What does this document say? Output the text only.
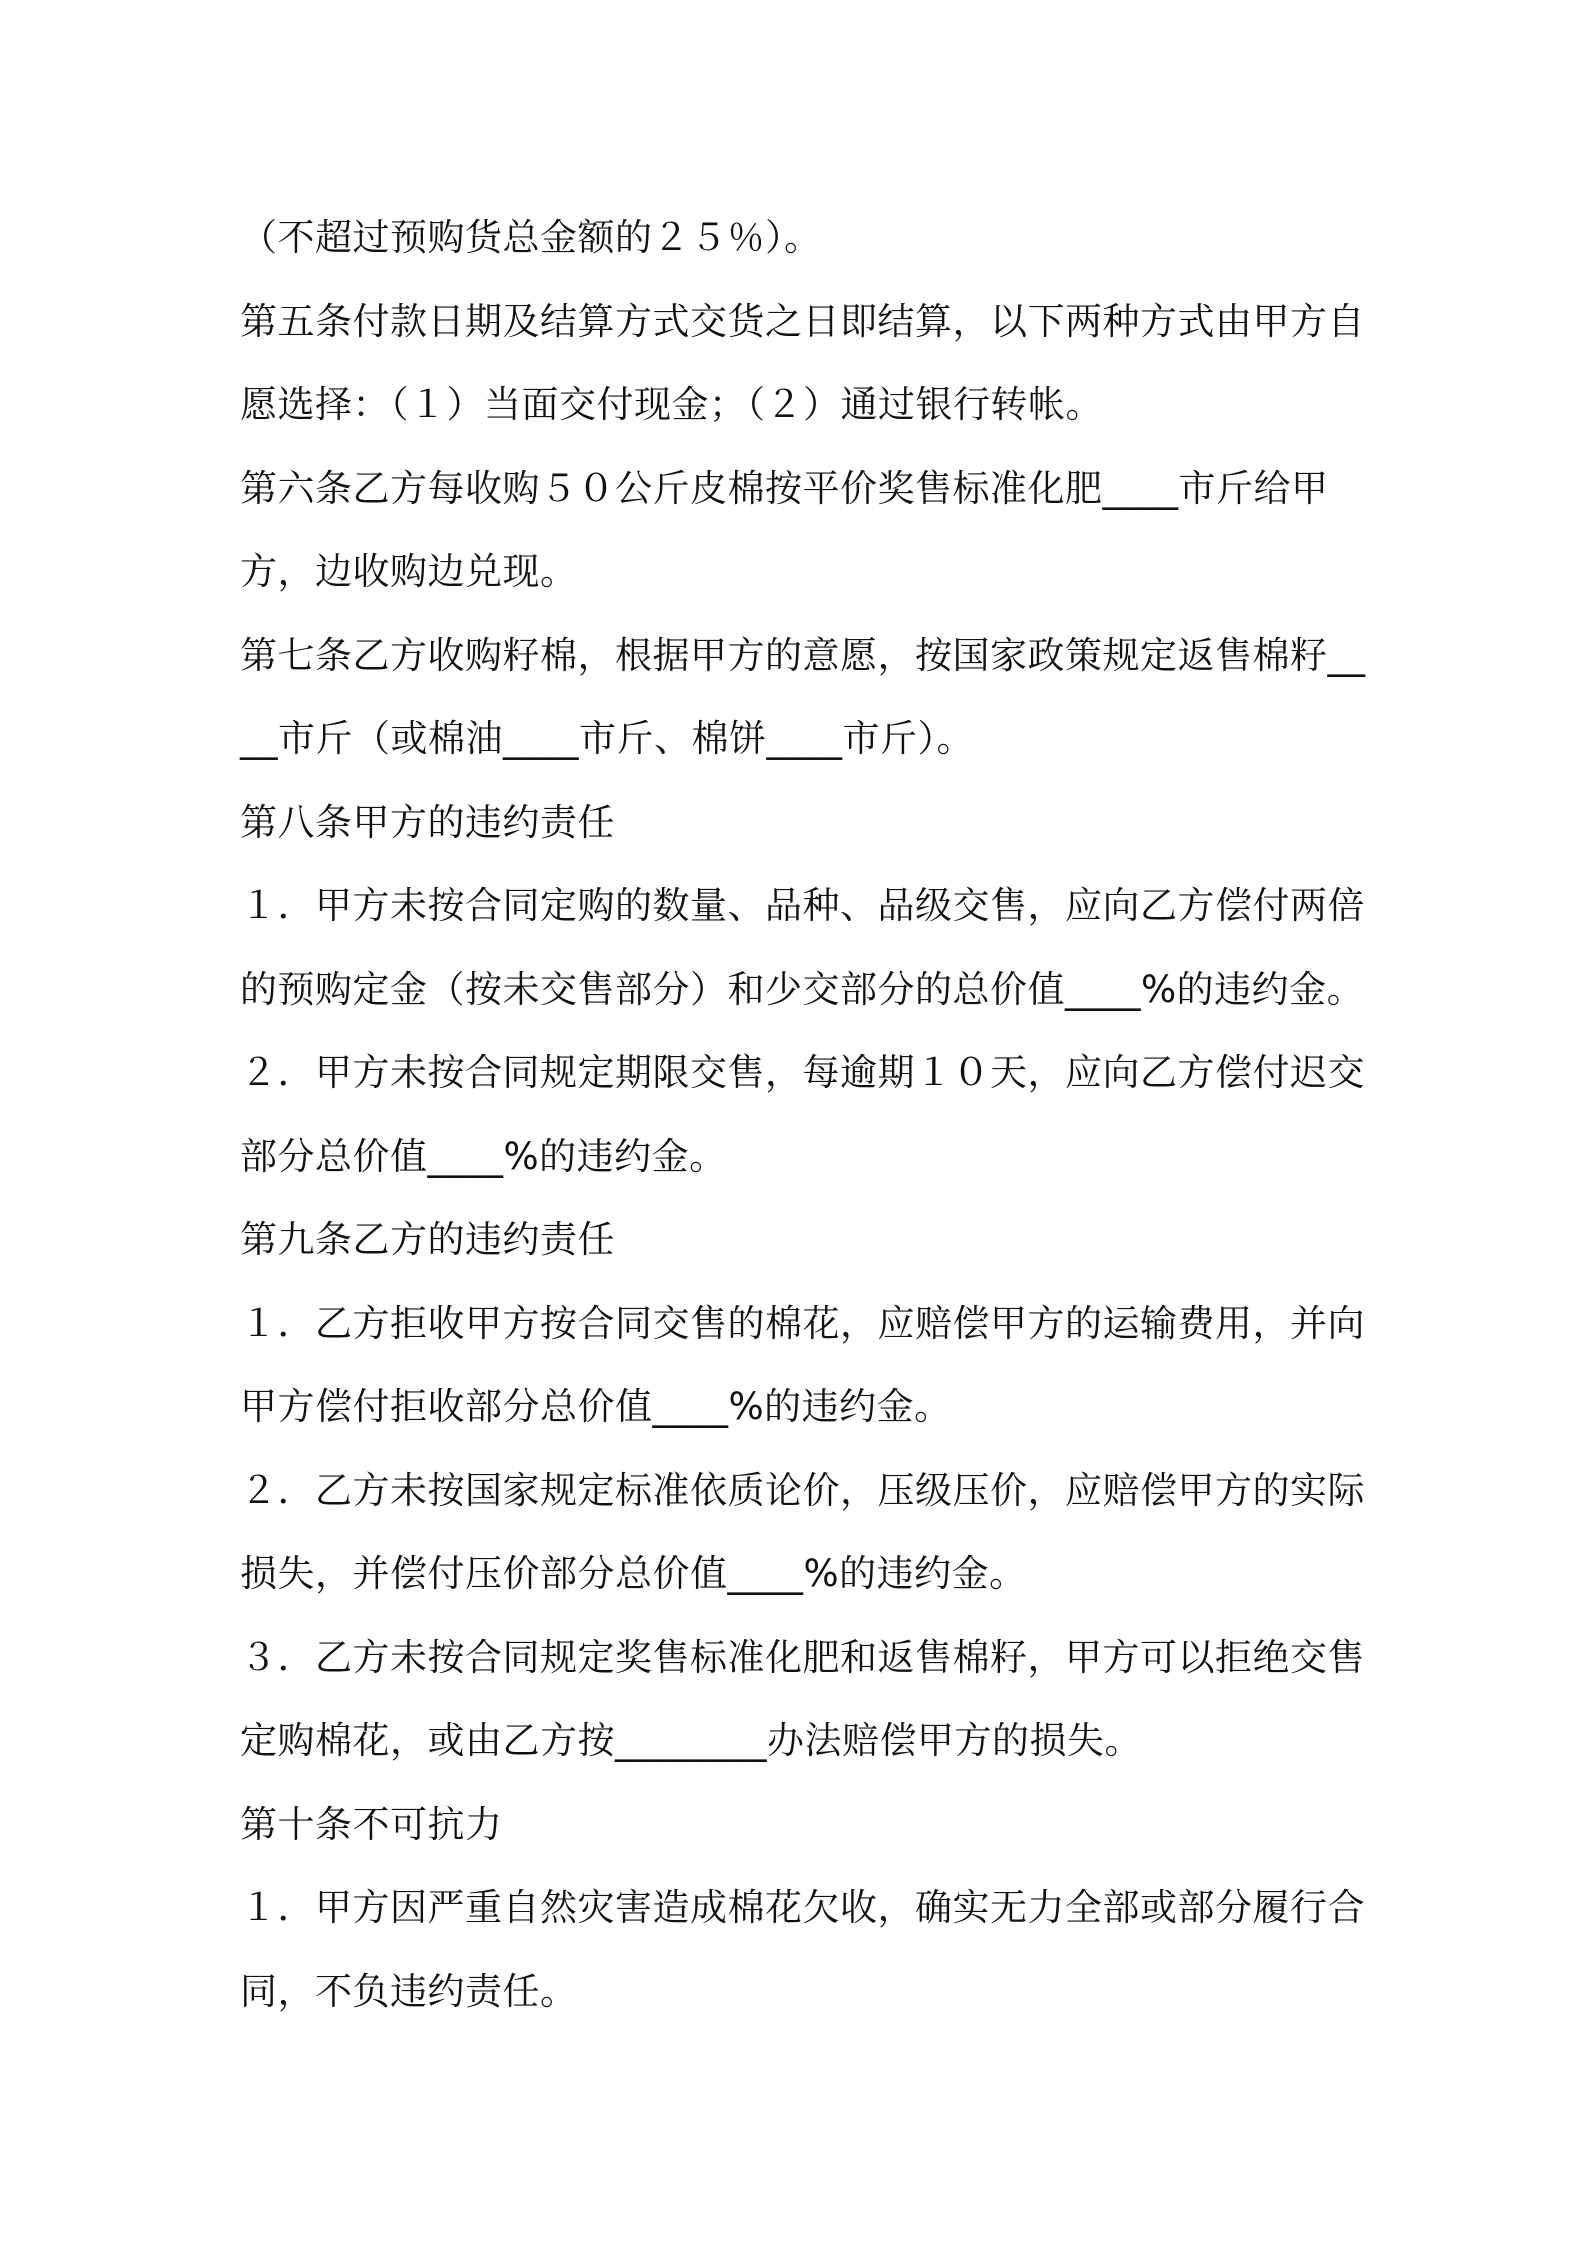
（不超过预购货总金额的２５％）。
第五条付款日期及结算方式交货之日即结算，以下两种方式由甲方自
愿选择：（１）当面交付现金；（２）通过银行转帐。
第六条乙方每收购５０公斤皮棉按平价奖售标准化肥____市斤给甲
方，边收购边兑现。
第七条乙方收购籽棉，根据甲方的意愿，按国家政策规定返售棉籽__
__市斤（或棉油____市斤、棉饼____市斤）。
第八条甲方的违约责任
１．甲方未按合同定购的数量、品种、品级交售，应向乙方偿付两倍
的预购定金（按未交售部分）和少交部分的总价值____%的违约金。
２．甲方未按合同规定期限交售，每逾期１０天，应向乙方偿付迟交
部分总价值____%的违约金。
第九条乙方的违约责任
１．乙方拒收甲方按合同交售的棉花，应赔偿甲方的运输费用，并向
甲方偿付拒收部分总价值____%的违约金。
２．乙方未按国家规定标准依质论价，压级压价，应赔偿甲方的实际
损失，并偿付压价部分总价值____%的违约金。
３．乙方未按合同规定奖售标准化肥和返售棉籽，甲方可以拒绝交售
定购棉花，或由乙方按________办法赔偿甲方的损失。
第十条不可抗力
１．甲方因严重自然灾害造成棉花欠收，确实无力全部或部分履行合
同，不负违约责任。
